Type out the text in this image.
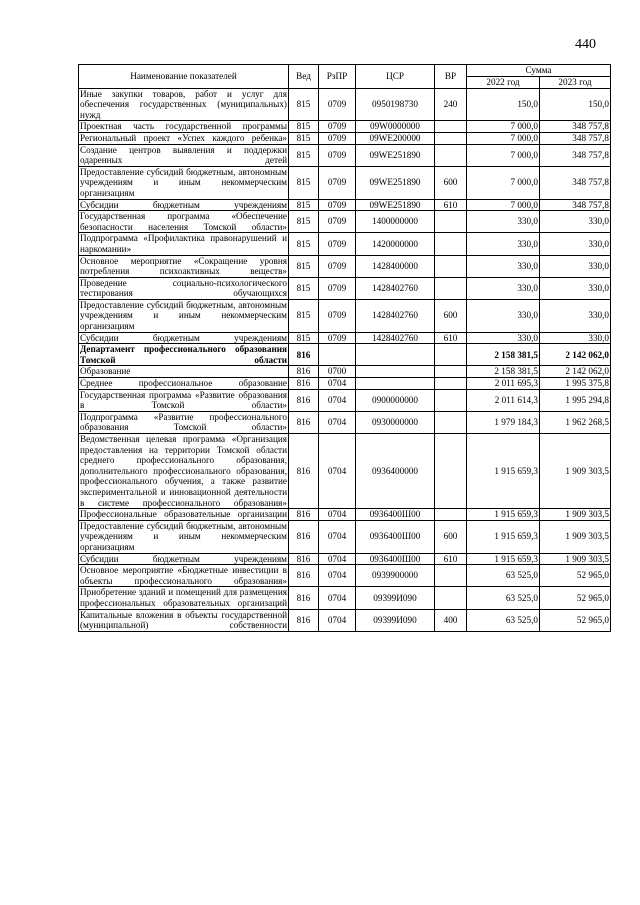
440
Наименование показателей	Вед	РзПР	ЦСР	ВР	Сумма	
					2022 год	2023 год
Иные закупки товаров, работ и услуг для обеспечения государственных (муниципальных) нужд	815	0709	0950198730	240	150,0	150,0
Проектная часть государственной программы	815	0709	09W0000000		7 000,0	348 757,8
Региональный проект «Успех каждого ребенка»	815	0709	09WE200000		7 000,0	348 757,8
Создание центров выявления и поддержки одаренных детей	815	0709	09WE251890		7 000,0	348 757,8
Предоставление субсидий бюджетным, автономным учреждениям и иным некоммерческим организациям	815	0709	09WE251890	600	7 000,0	348 757,8
Субсидии бюджетным учреждениям	815	0709	09WE251890	610	7 000,0	348 757,8
Государственная программа «Обеспечение безопасности населения Томской области»	815	0709	1400000000		330,0	330,0
Подпрограмма «Профилактика правонарушений и наркомании»	815	0709	1420000000		330,0	330,0
Основное мероприятие «Сокращение уровня потребления психоактивных веществ»	815	0709	1428400000		330,0	330,0
Проведение социально-психологического тестирования обучающихся	815	0709	1428402760		330,0	330,0
Предоставление субсидий бюджетным, автономным учреждениям и иным некоммерческим организациям	815	0709	1428402760	600	330,0	330,0
Субсидии бюджетным учреждениям	815	0709	1428402760	610	330,0	330,0
Департамент профессионального образования Томской области	816				2 158 381,5	2 142 062,0
Образование	816	0700			2 158 381,5	2 142 062,0
Среднее профессиональное образование	816	0704			2 011 695,3	1 995 375,8
Государственная программа «Развитие образования в Томской области»	816	0704	0900000000		2 011 614,3	1 995 294,8
Подпрограмма «Развитие профессионального образования Томской области»	816	0704	0930000000		1 979 184,3	1 962 268,5
Ведомственная целевая программа «Организация предоставления на территории Томской области среднего профессионального образования, дополнительного профессионального образования, профессионального обучения, а также развитие экспериментальной и инновационной деятельности в системе профессионального образования»	816	0704	0936400000		1 915 659,3	1 909 303,5
Профессиональные образовательные организации	816	0704	0936400Ш00		1 915 659,3	1 909 303,5
Предоставление субсидий бюджетным, автономным учреждениям и иным некоммерческим организациям	816	0704	0936400Ш00	600	1 915 659,3	1 909 303,5
Субсидии бюджетным учреждениям	816	0704	0936400Ш00	610	1 915 659,3	1 909 303,5
Основное мероприятие «Бюджетные инвестиции в объекты профессионального образования»	816	0704	0939900000		63 525,0	52 965,0
Приобретение зданий и помещений для размещения профессиональных образовательных организаций	816	0704	09399И090		63 525,0	52 965,0
Капитальные вложения в объекты государственной (муниципальной) собственности	816	0704	09399И090	400	63 525,0	52 965,0
